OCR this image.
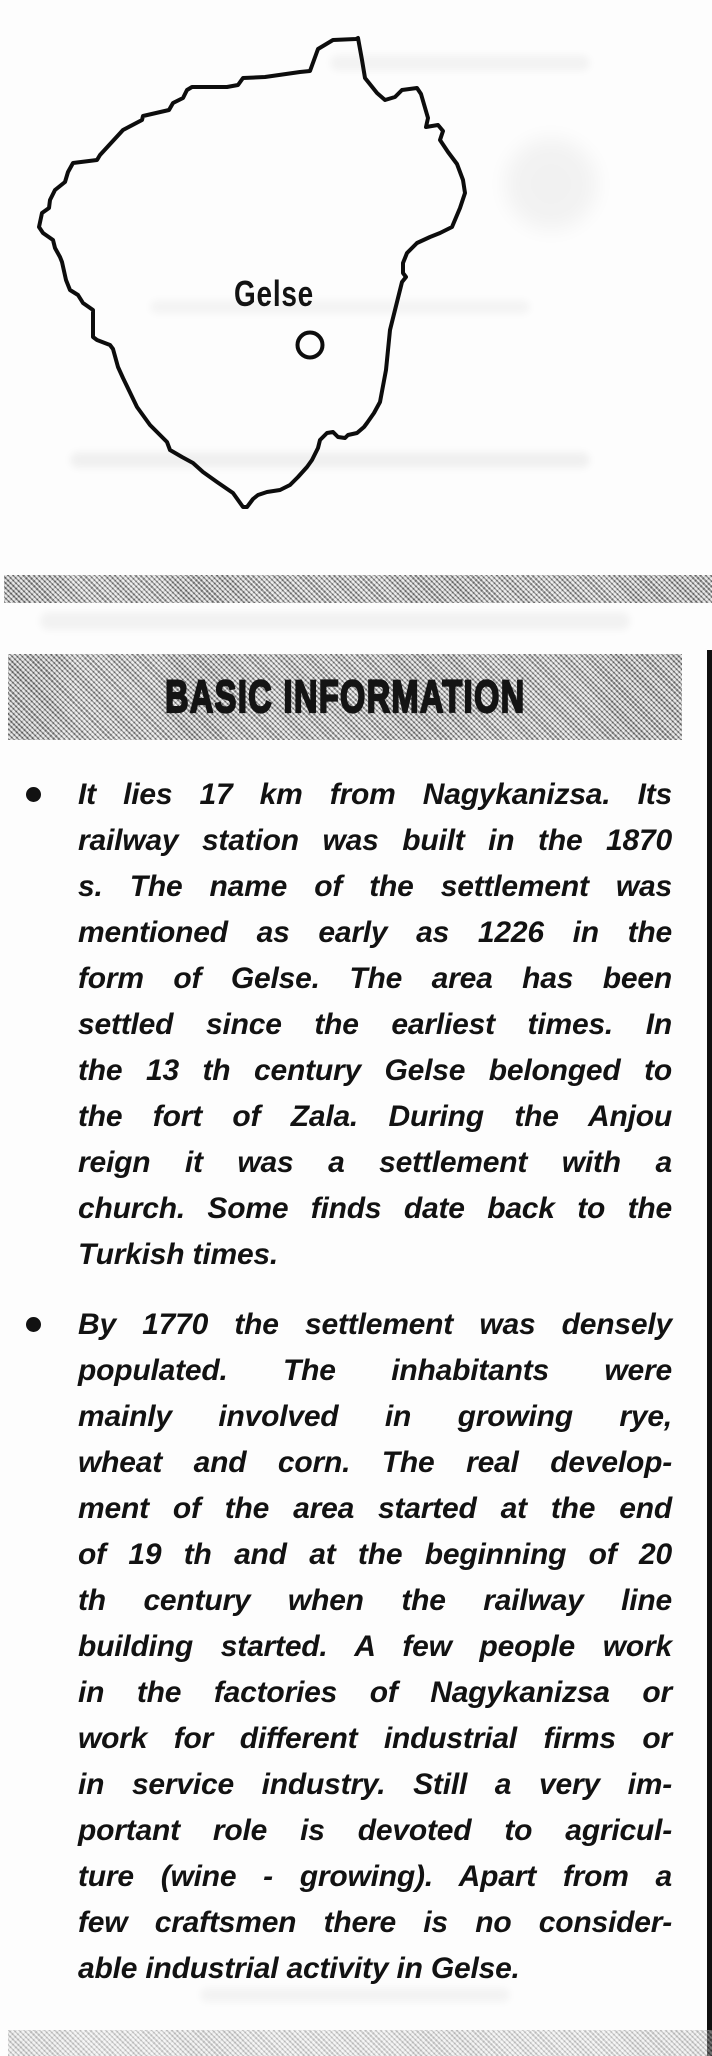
Gelse
BASIC INFORMATION
It lies 17 km from Nagykanizsa. Its
railway station was built in the 1870
s. The name of the settlement was
mentioned as early as 1226 in the
form of Gelse. The area has been
settled since the earliest times. In
the 13 th century Gelse belonged to
the fort of Zala. During the Anjou
reign it was a settlement with a
church. Some finds date back to the
Turkish times.
By 1770 the settlement was densely
populated. The inhabitants were
mainly involved in growing rye,
wheat and corn. The real develop-
ment of the area started at the end
of 19 th and at the beginning of 20
th century when the railway line
building started. A few people work
in the factories of Nagykanizsa or
work for different industrial firms or
in service industry. Still a very im-
portant role is devoted to agricul-
ture (wine - growing). Apart from a
few craftsmen there is no consider-
able industrial activity in Gelse.
